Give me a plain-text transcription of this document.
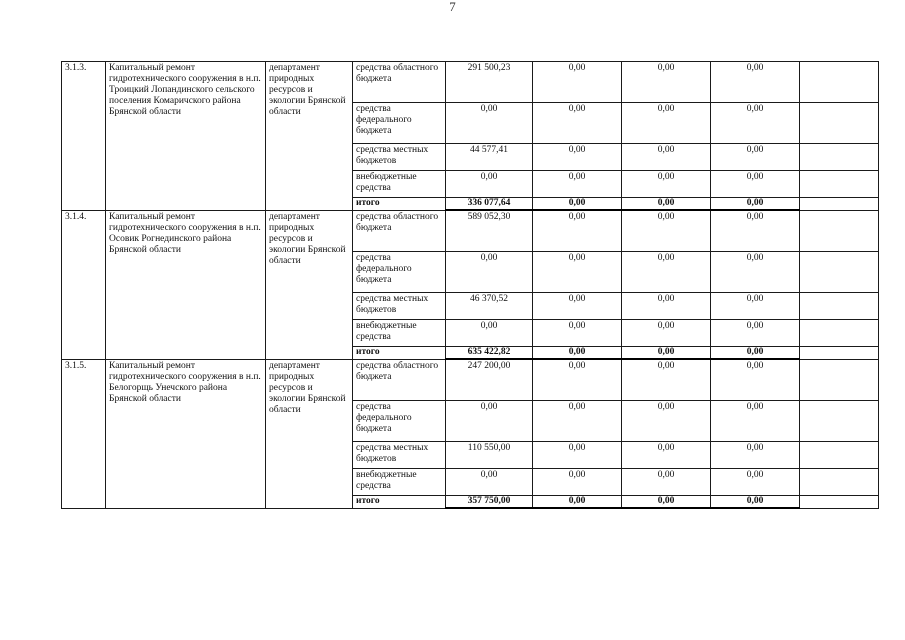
7
3.1.3.	Капитальный ремонт гидротехнического сооружения в н.п. Троицкий Лопандинского сельского поселения Комаричского района Брянской области	департамент природных ресурсов и экологии Брянской области	средства областного бюджета	291 500,23	0,00	0,00	0,00	
			средства федерального бюджета	0,00	0,00	0,00	0,00	
			средства местных бюджетов	44 577,41	0,00	0,00	0,00	
			внебюджетные средства	0,00	0,00	0,00	0,00	
			итого	336 077,64	0,00	0,00	0,00	
3.1.4.	Капитальный ремонт гидротехнического сооружения в н.п. Осовик Рогнединского района Брянской области	департамент природных ресурсов и экологии Брянской области	средства областного бюджета	589 052,30	0,00	0,00	0,00	
			средства федерального бюджета	0,00	0,00	0,00	0,00	
			средства местных бюджетов	46 370,52	0,00	0,00	0,00	
			внебюджетные средства	0,00	0,00	0,00	0,00	
			итого	635 422,82	0,00	0,00	0,00	
3.1.5.	Капитальный ремонт гидротехнического сооружения в н.п. Белогорщь Унечского района Брянской области	департамент природных ресурсов и экологии Брянской области	средства областного бюджета	247 200,00	0,00	0,00	0,00	
			средства федерального бюджета	0,00	0,00	0,00	0,00	
			средства местных бюджетов	110 550,00	0,00	0,00	0,00	
			внебюджетные средства	0,00	0,00	0,00	0,00	
			итого	357 750,00	0,00	0,00	0,00	
